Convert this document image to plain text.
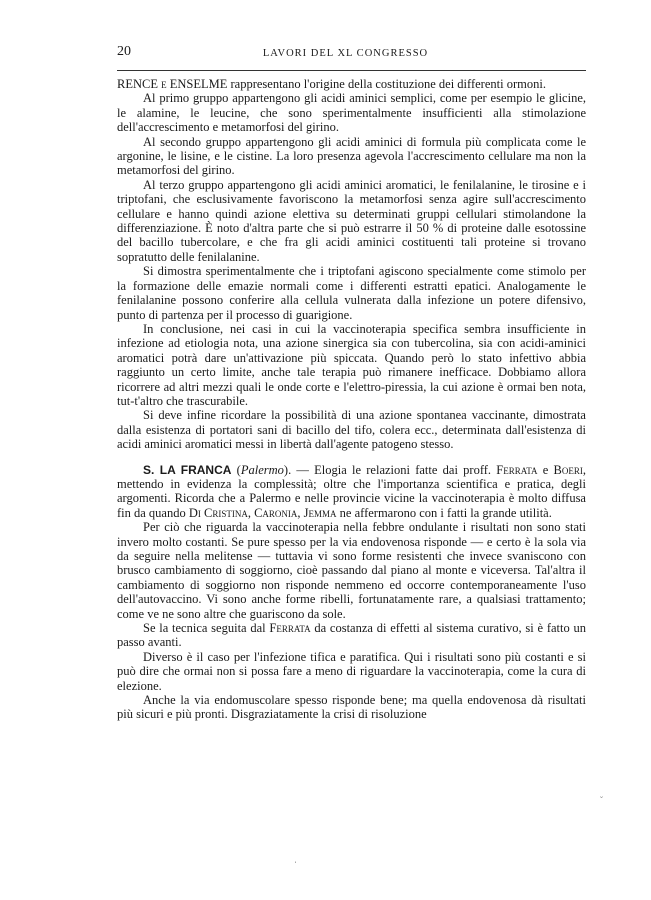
20	LAVORI DEL XL CONGRESSO

RENCE e ENSELME rappresentano l'origine della costituzione dei differenti ormoni.

Al primo gruppo appartengono gli acidi aminici semplici, come per esempio le glicine, le alamine, le leucine, che sono sperimentalmente insufficienti alla stimolazione dell'accrescimento e metamorfosi del girino.

Al secondo gruppo appartengono gli acidi aminici di formula più complicata come le argonine, le lisine, e le cistine. La loro presenza agevola l'accrescimento cellulare ma non la metamorfosi del girino.

Al terzo gruppo appartengono gli acidi aminici aromatici, le fenilalanine, le tirosine e i triptofani, che esclusivamente favoriscono la metamorfosi senza agire sull'accrescimento cellulare e hanno quindi azione elettiva su determinati gruppi cellulari stimolandone la differenziazione. È noto d'altra parte che si può estrarre il 50 % di proteine dalle esotossine del bacillo tubercolare, e che fra gli acidi aminici costituenti tali proteine si trovano sopratutto delle fenilalanine.

Si dimostra sperimentalmente che i triptofani agiscono specialmente come stimolo per la formazione delle emazie normali come i differenti estratti epatici. Analogamente le fenilalanine possono conferire alla cellula vulnerata dalla infezione un potere difensivo, punto di partenza per il processo di guarigione.

In conclusione, nei casi in cui la vaccinoterapia specifica sembra insufficiente in infezione ad etiologia nota, una azione sinergica sia con tubercolina, sia con acidi-aminici aromatici potrà dare un'attivazione più spiccata. Quando però lo stato infettivo abbia raggiunto un certo limite, anche tale terapia può rimanere inefficace. Dobbiamo allora ricorrere ad altri mezzi quali le onde corte e l'elettro-piressia, la cui azione è ormai ben nota, tut-t'altro che trascurabile.

Si deve infine ricordare la possibilità di una azione spontanea vaccinante, dimostrata dalla esistenza di portatori sani di bacillo del tifo, colera ecc., determinata dall'esistenza di acidi aminici aromatici messi in libertà dall'agente patogeno stesso.

S. LA FRANCA (Palermo). — Elogia le relazioni fatte dai proff. Ferrata e Boeri, mettendo in evidenza la complessità; oltre che l'importanza scientifica e pratica, degli argomenti. Ricorda che a Palermo e nelle provincie vicine la vaccinoterapia è molto diffusa fin da quando Di Cristina, Caronia, Jemma ne affermarono con i fatti la grande utilità.

Per ciò che riguarda la vaccinoterapia nella febbre ondulante i risultati non sono stati invero molto costanti. Se pure spesso per la via endovenosa risponde — e certo è la sola via da seguire nella melitense — tuttavia vi sono forme resistenti che invece svaniscono con brusco cambiamento di soggiorno, cioè passando dal piano al monte e viceversa. Tal'altra il cambiamento di soggiorno non risponde nemmeno ed occorre contemporaneamente l'uso dell'autovaccino. Vi sono anche forme ribelli, fortunatamente rare, a qualsiasi trattamento; come ve ne sono altre che guariscono da sole.

Se la tecnica seguita dal Ferrata da costanza di effetti al sistema curativo, si è fatto un passo avanti.

Diverso è il caso per l'infezione tifica e paratifica. Qui i risultati sono più costanti e si può dire che ormai non si possa fare a meno di riguardare la vaccinoterapia, come la cura di elezione.

Anche la via endomuscolare spesso risponde bene; ma quella endovenosa dà risultati più sicuri e più pronti. Disgraziatamente la crisi di risoluzione

˘
ˈ
